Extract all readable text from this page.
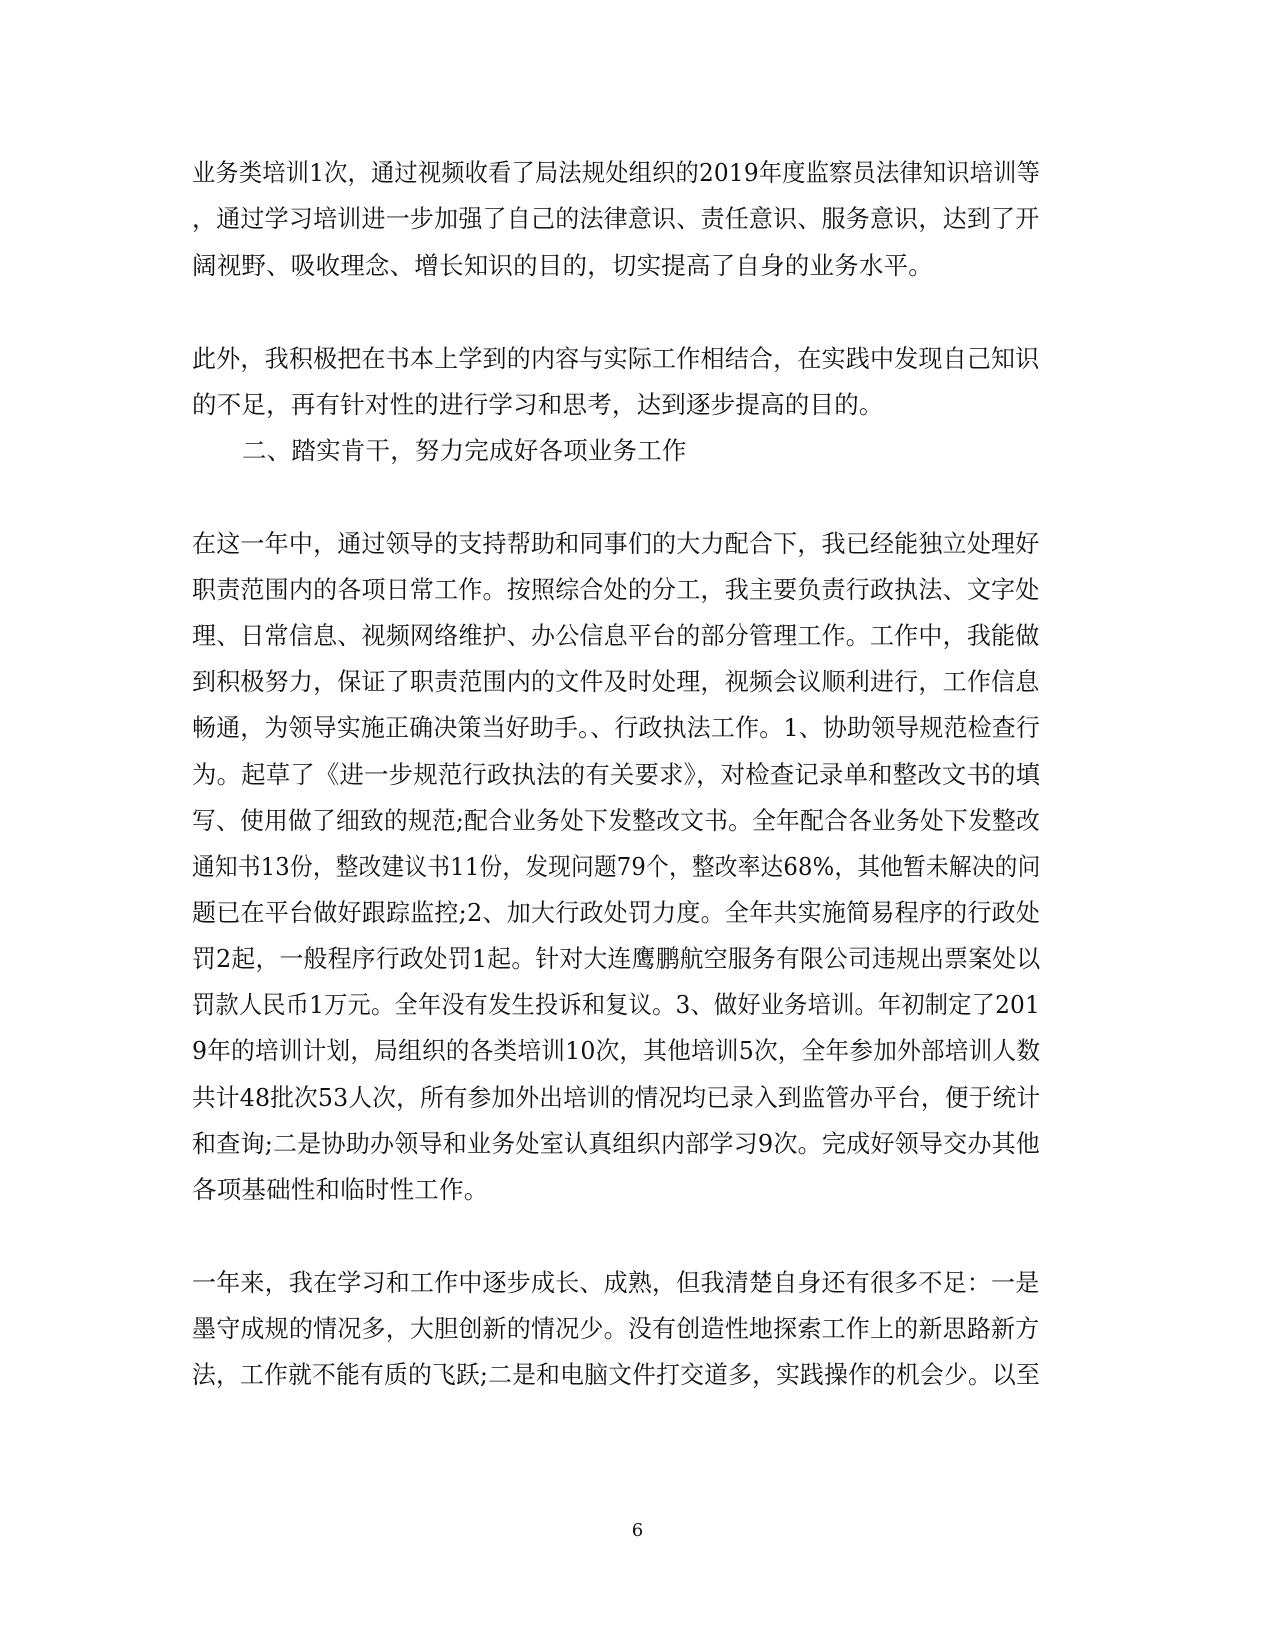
业务类培训1次，通过视频收看了局法规处组织的2019年度监察员法律知识培训等
，通过学习培训进一步加强了自己的法律意识、责任意识、服务意识，达到了开
阔视野、吸收理念、增长知识的目的，切实提高了自身的业务水平。
此外，我积极把在书本上学到的内容与实际工作相结合，在实践中发现自己知识
的不足，再有针对性的进行学习和思考，达到逐步提高的目的。
二、踏实肯干，努力完成好各项业务工作
在这一年中，通过领导的支持帮助和同事们的大力配合下，我已经能独立处理好
职责范围内的各项日常工作。按照综合处的分工，我主要负责行政执法、文字处
理、日常信息、视频网络维护、办公信息平台的部分管理工作。工作中，我能做
到积极努力，保证了职责范围内的文件及时处理，视频会议顺利进行，工作信息
畅通，为领导实施正确决策当好助手。、行政执法工作。1、协助领导规范检查行
为。起草了《进一步规范行政执法的有关要求》，对检查记录单和整改文书的填
写、使用做了细致的规范;配合业务处下发整改文书。全年配合各业务处下发整改
通知书13份，整改建议书11份，发现问题79个，整改率达68%，其他暂未解决的问
题已在平台做好跟踪监控;2、加大行政处罚力度。全年共实施简易程序的行政处
罚2起，一般程序行政处罚1起。针对大连鹰鹏航空服务有限公司违规出票案处以
罚款人民币1万元。全年没有发生投诉和复议。3、做好业务培训。年初制定了201
9年的培训计划，局组织的各类培训10次，其他培训5次，全年参加外部培训人数
共计48批次53人次，所有参加外出培训的情况均已录入到监管办平台，便于统计
和查询;二是协助办领导和业务处室认真组织内部学习9次。完成好领导交办其他
各项基础性和临时性工作。
一年来，我在学习和工作中逐步成长、成熟，但我清楚自身还有很多不足：一是
墨守成规的情况多，大胆创新的情况少。没有创造性地探索工作上的新思路新方
法，工作就不能有质的飞跃;二是和电脑文件打交道多，实践操作的机会少。以至
6
